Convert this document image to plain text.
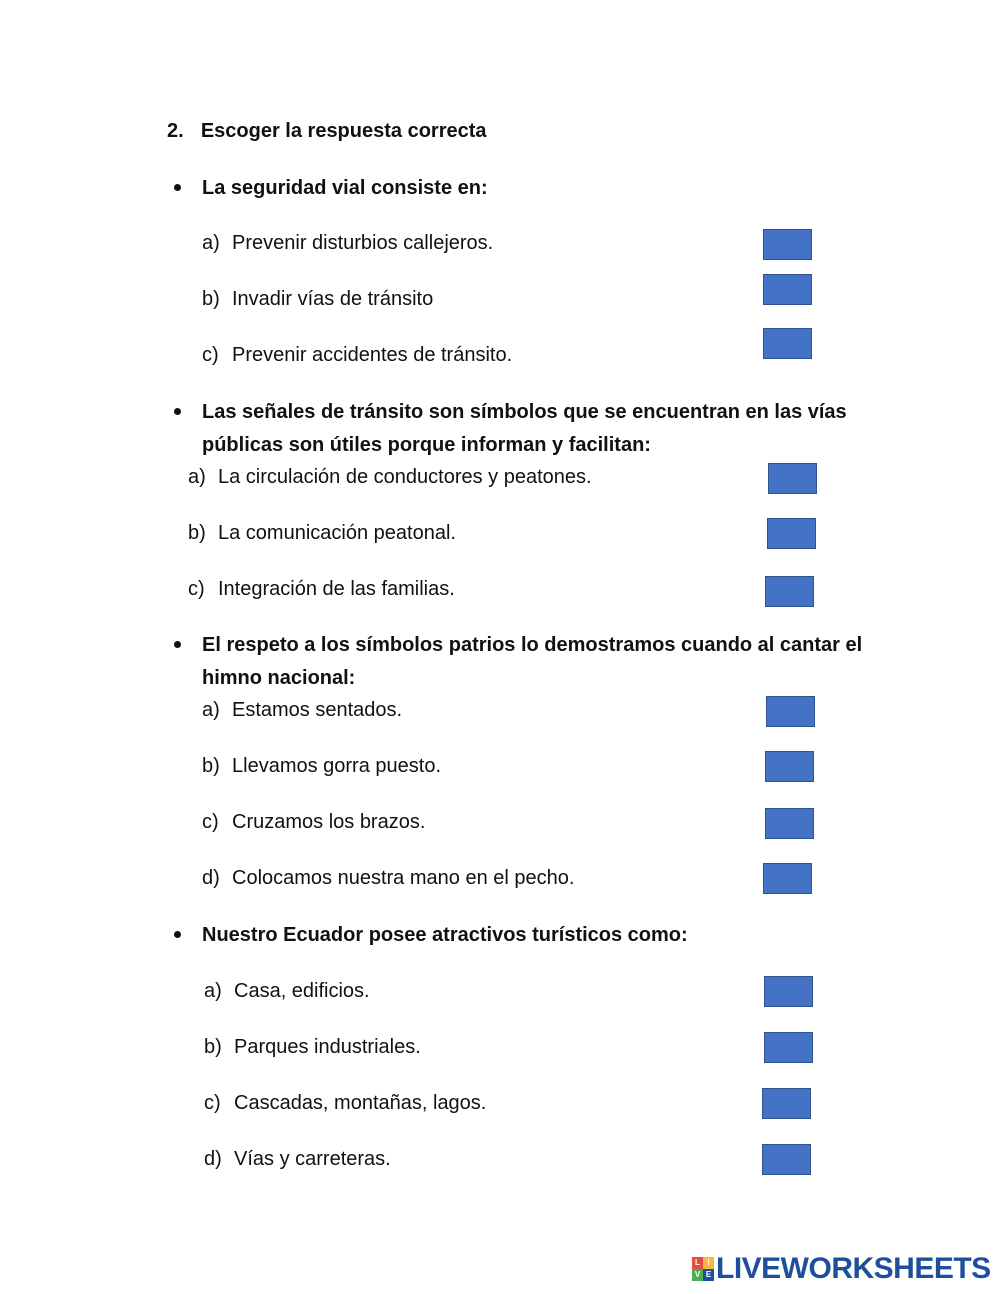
2. Escoger la respuesta correcta
La seguridad vial consiste en:
a) Prevenir disturbios callejeros.
b) Invadir vías de tránsito
c) Prevenir accidentes de tránsito.
Las señales de tránsito son símbolos que se encuentran en las vías
públicas son útiles porque informan y facilitan:
a) La circulación de conductores y peatones.
b) La comunicación peatonal.
c) Integración de las familias.
El respeto a los símbolos patrios lo demostramos cuando al cantar el
himno nacional:
a) Estamos sentados.
b) Llevamos gorra puesto.
c) Cruzamos los brazos.
d) Colocamos nuestra mano en el pecho.
Nuestro Ecuador posee atractivos turísticos como:
a) Casa, edificios.
b) Parques industriales.
c) Cascadas, montañas, lagos.
d) Vías y carreteras.
L I
V E LIVEWORKSHEETS
